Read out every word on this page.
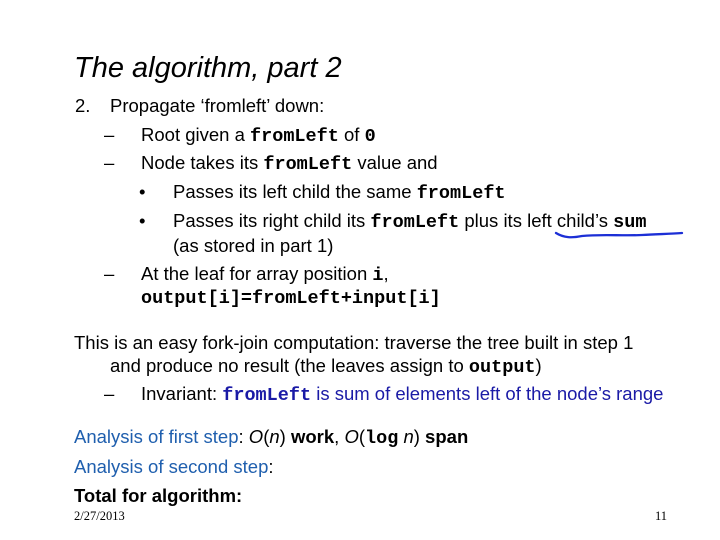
The algorithm, part 2
2. Propagate ‘fromleft’ down:
– Root given a fromLeft of 0
– Node takes its fromLeft value and
• Passes its left child the same fromLeft
• Passes its right child its fromLeft plus its left child’s sum
(as stored in part 1)
– At the leaf for array position i,
output[i]=fromLeft+input[i]
This is an easy fork-join computation: traverse the tree built in step 1
and produce no result (the leaves assign to output)
– Invariant: fromLeft is sum of elements left of the node’s range
Analysis of first step: O(n) work, O(log n) span
Analysis of second step:
Total for algorithm:
2/27/2013	11
